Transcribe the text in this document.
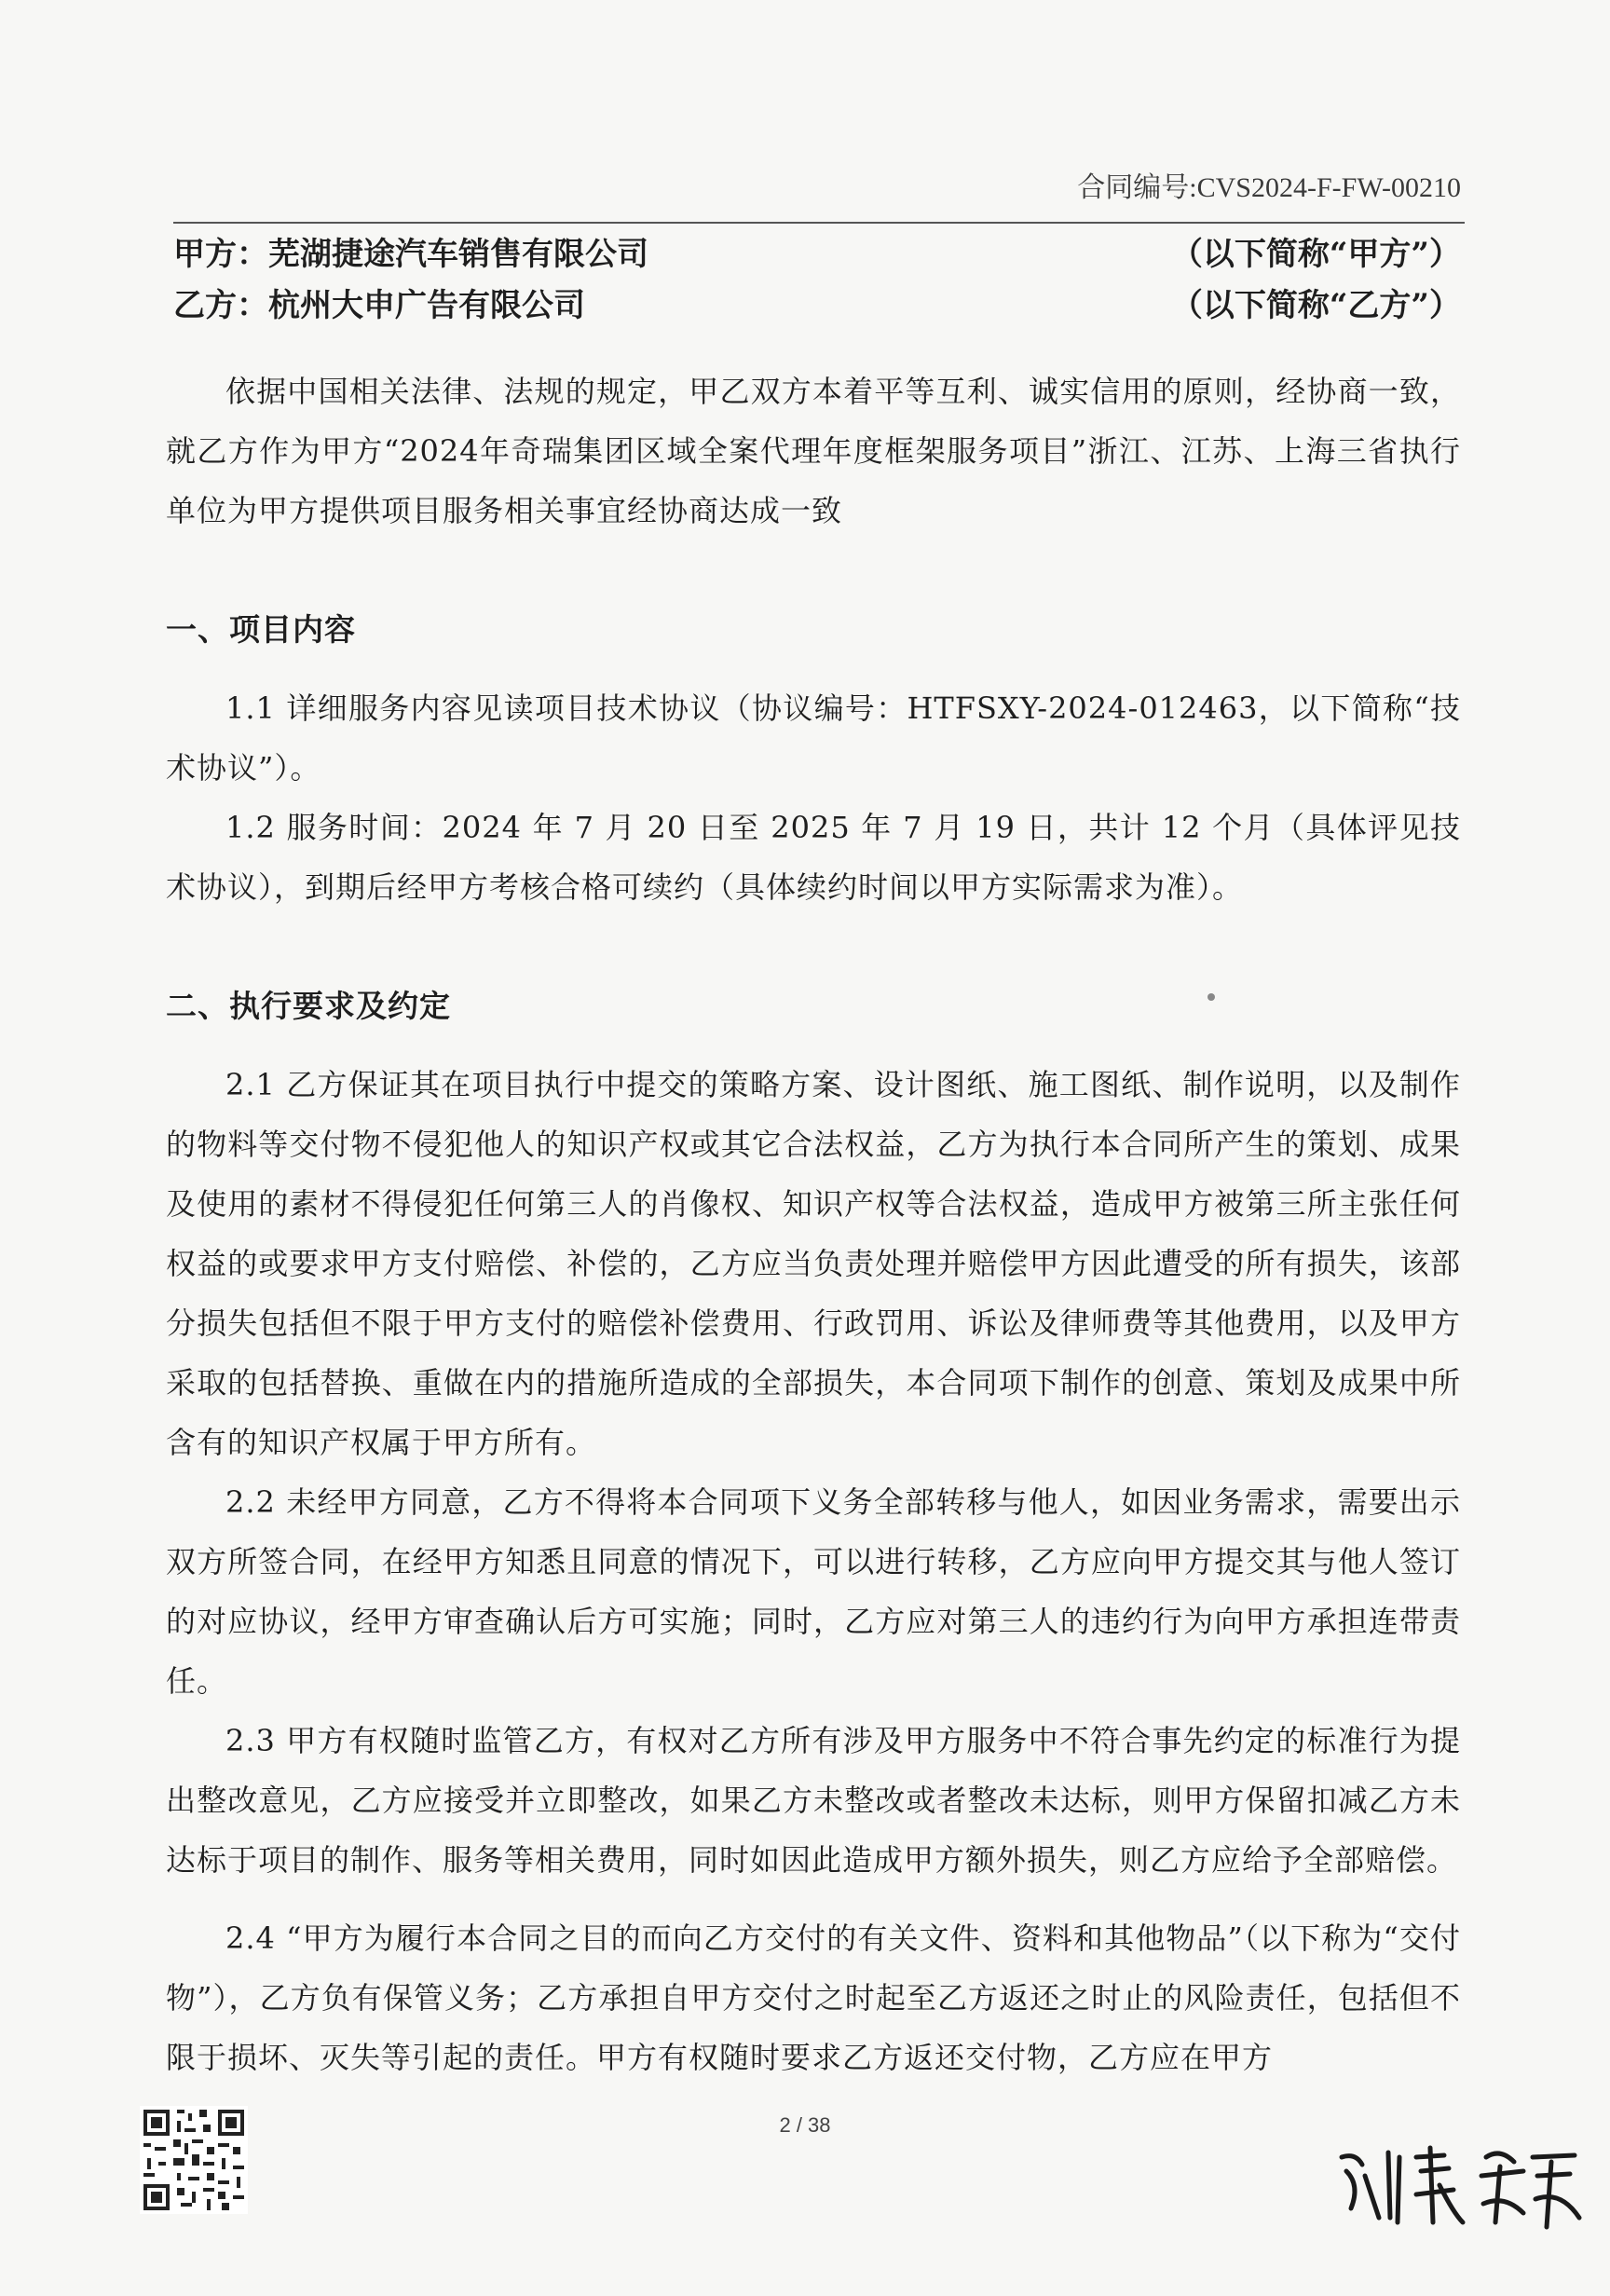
合同编号:CVS2024-F-FW-00210
甲方：芜湖捷途汽车销售有限公司	（以下简称“甲方”）
乙方：杭州大申广告有限公司	（以下简称“乙方”）

依据中国相关法律、法规的规定，甲乙双方本着平等互利、诚实信用的原则，经协商一致，就乙方作为甲方“2024年奇瑞集团区域全案代理年度框架服务项目”浙江、江苏、上海三省执行单位为甲方提供项目服务相关事宜经协商达成一致

一、项目内容

1.1 详细服务内容见读项目技术协议（协议编号：HTFSXY-2024-012463，以下简称“技术协议”）。

1.2 服务时间：2024 年 7 月 20 日至 2025 年 7 月 19 日，共计 12 个月（具体评见技术协议），到期后经甲方考核合格可续约（具体续约时间以甲方实际需求为准）。

二、执行要求及约定

2.1 乙方保证其在项目执行中提交的策略方案、设计图纸、施工图纸、制作说明，以及制作的物料等交付物不侵犯他人的知识产权或其它合法权益，乙方为执行本合同所产生的策划、成果及使用的素材不得侵犯任何第三人的肖像权、知识产权等合法权益，造成甲方被第三所主张任何权益的或要求甲方支付赔偿、补偿的，乙方应当负责处理并赔偿甲方因此遭受的所有损失，该部分损失包括但不限于甲方支付的赔偿补偿费用、行政罚用、诉讼及律师费等其他费用，以及甲方采取的包括替换、重做在内的措施所造成的全部损失，本合同项下制作的创意、策划及成果中所含有的知识产权属于甲方所有。

2.2 未经甲方同意，乙方不得将本合同项下义务全部转移与他人，如因业务需求，需要出示双方所签合同，在经甲方知悉且同意的情况下，可以进行转移，乙方应向甲方提交其与他人签订的对应协议，经甲方审查确认后方可实施；同时，乙方应对第三人的违约行为向甲方承担连带责任。

2.3 甲方有权随时监管乙方，有权对乙方所有涉及甲方服务中不符合事先约定的标准行为提出整改意见，乙方应接受并立即整改，如果乙方未整改或者整改未达标，则甲方保留扣减乙方未达标于项目的制作、服务等相关费用，同时如因此造成甲方额外损失，则乙方应给予全部赔偿。

2.4 “甲方为履行本合同之目的而向乙方交付的有关文件、资料和其他物品”（以下称为“交付物”），乙方负有保管义务；乙方承担自甲方交付之时起至乙方返还之时止的风险责任，包括但不限于损坏、灭失等引起的责任。甲方有权随时要求乙方返还交付物，乙方应在甲方

2 / 38
